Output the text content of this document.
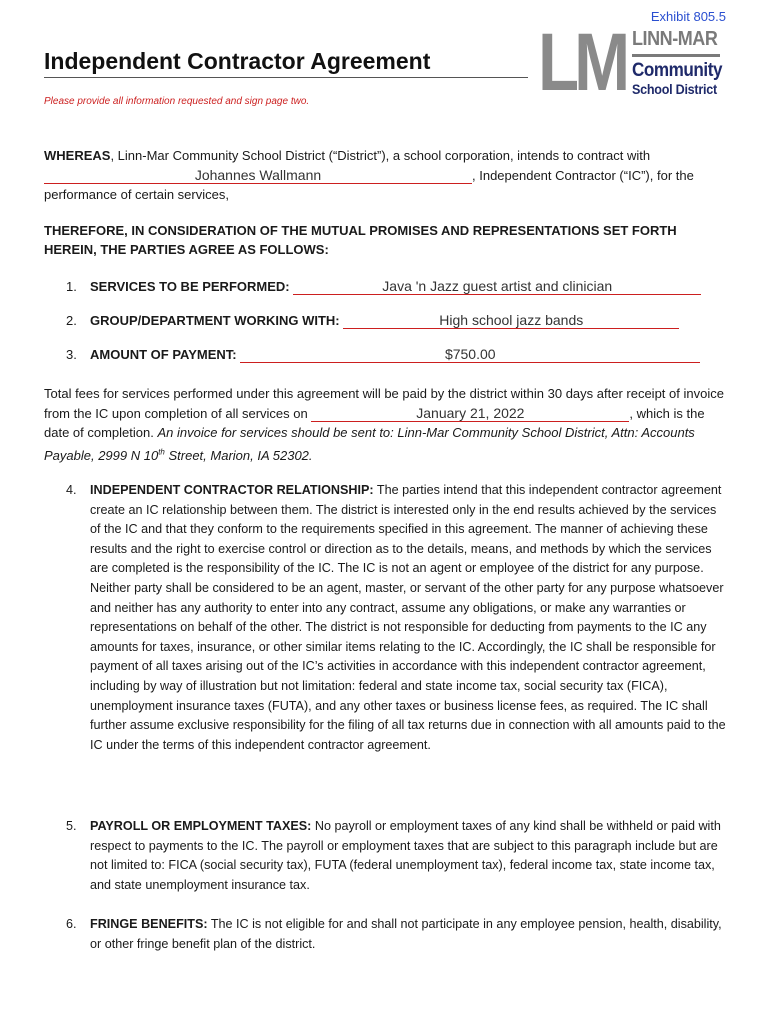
Exhibit 805.5
Independent Contractor Agreement
Please provide all information requested and sign page two.	LM LINN-MAR
Community
School District
WHEREAS, Linn-Mar Community School District (“District”), a school corporation, intends to contract with
Johannes Wallmann	, Independent Contractor (“IC”), for the
performance of certain services,
THEREFORE, IN CONSIDERATION OF THE MUTUAL PROMISES AND REPRESENTATIONS SET FORTH HEREIN, THE PARTIES AGREE AS FOLLOWS:
1. SERVICES TO BE PERFORMED:	Java 'n Jazz guest artist and clinician
2. GROUP/DEPARTMENT WORKING WITH:	High school jazz bands
3. AMOUNT OF PAYMENT:	$750.00
Total fees for services performed under this agreement will be paid by the district within 30 days after receipt of invoice from the IC upon completion of all services on	January 21, 2022	, which is the date of completion. An invoice for services should be sent to: Linn-Mar Community School District, Attn: Accounts Payable, 2999 N 10th Street, Marion, IA 52302.
4. INDEPENDENT CONTRACTOR RELATIONSHIP: The parties intend that this independent contractor agreement create an IC relationship between them. The district is interested only in the end results achieved by the services of the IC and that they conform to the requirements specified in this agreement. The manner of achieving these results and the right to exercise control or direction as to the details, means, and methods by which the services are completed is the responsibility of the IC. The IC is not an agent or employee of the district for any purpose. Neither party shall be considered to be an agent, master, or servant of the other party for any purpose whatsoever and neither has any authority to enter into any contract, assume any obligations, or make any warranties or representations on behalf of the other. The district is not responsible for deducting from payments to the IC any amounts for taxes, insurance, or other similar items relating to the IC. Accordingly, the IC shall be responsible for payment of all taxes arising out of the IC’s activities in accordance with this independent contractor agreement, including by way of illustration but not limitation: federal and state income tax, social security tax (FICA), unemployment insurance taxes (FUTA), and any other taxes or business license fees, as required. The IC shall further assume exclusive responsibility for the filing of all tax returns due in connection with all amounts paid to the IC under the terms of this independent contractor agreement.
5. PAYROLL OR EMPLOYMENT TAXES: No payroll or employment taxes of any kind shall be withheld or paid with respect to payments to the IC. The payroll or employment taxes that are subject to this paragraph include but are not limited to: FICA (social security tax), FUTA (federal unemployment tax), federal income tax, state income tax, and state unemployment insurance tax.
6. FRINGE BENEFITS: The IC is not eligible for and shall not participate in any employee pension, health, disability, or other fringe benefit plan of the district.
